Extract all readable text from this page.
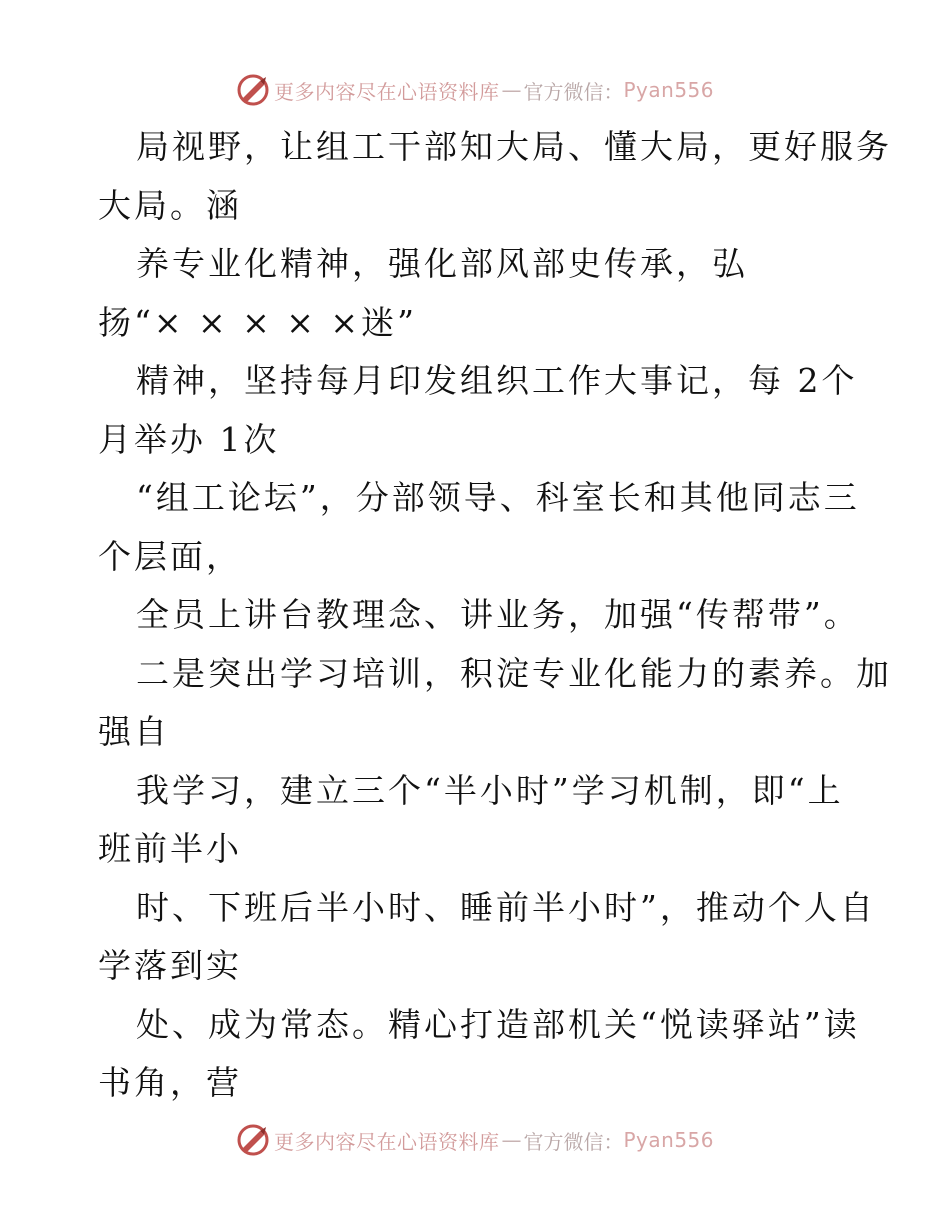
更多内容尽在心语资料库 — 官方微信： Pyan556
局视野，让组工干部知大局、懂大局，更好服务
大局。涵
养专业化精神，强化部风部史传承，弘
扬“× × × × ×迷”
精神，坚持每月印发组织工作大事记，每 2个
月举办 1次
“组工论坛”，分部领导、科室长和其他同志三
个层面，
全员上讲台教理念、讲业务，加强“传帮带”。
二是突出学习培训，积淀专业化能力的素养。加
强自
我学习，建立三个“半小时”学习机制，即“上
班前半小
时、下班后半小时、睡前半小时”，推动个人自
学落到实
处、成为常态。精心打造部机关“悦读驿站”读
书角，营
更多内容尽在心语资料库 — 官方微信： Pyan556
